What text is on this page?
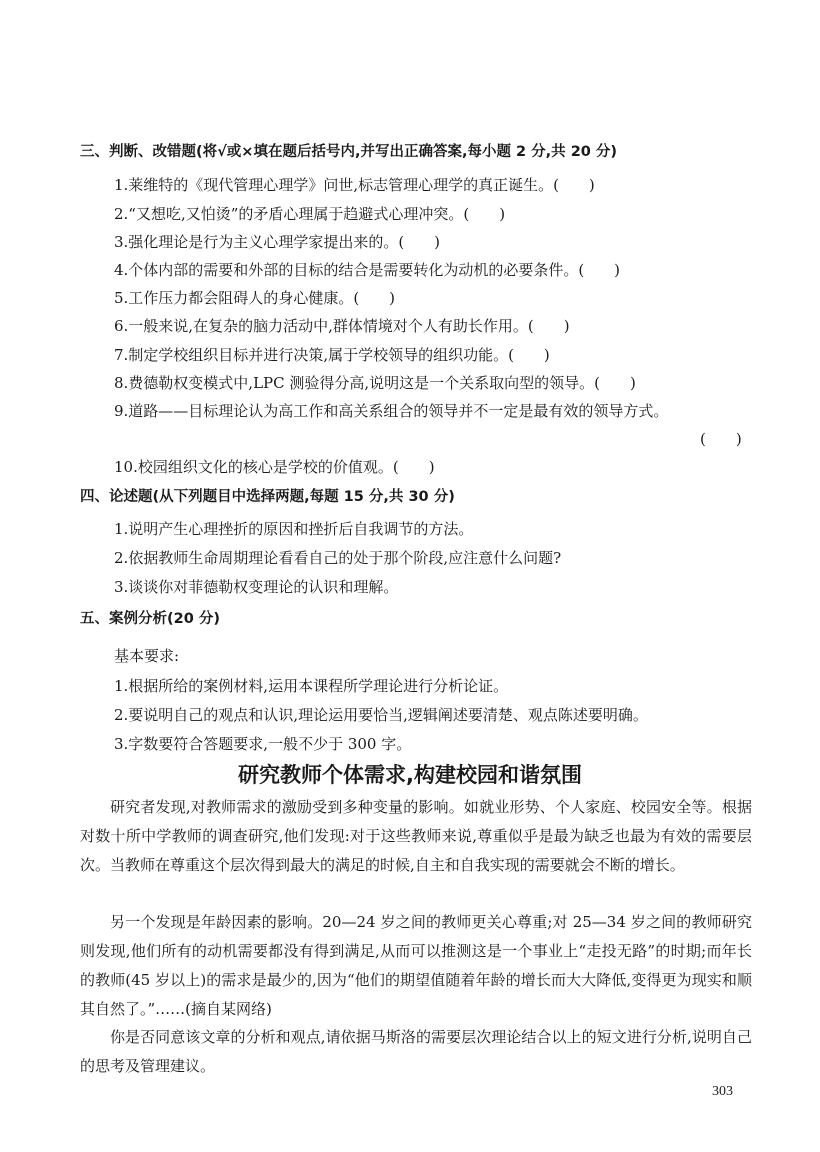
三、判断、改错题(将√或×填在题后括号内,并写出正确答案,每小题 2 分,共 20 分)
1.莱维特的《现代管理心理学》问世,标志管理心理学的真正诞生。(　　)
2.“又想吃,又怕烫”的矛盾心理属于趋避式心理冲突。(　　)
3.强化理论是行为主义心理学家提出来的。(　　)
4.个体内部的需要和外部的目标的结合是需要转化为动机的必要条件。(　　)
5.工作压力都会阻碍人的身心健康。(　　)
6.一般来说,在复杂的脑力活动中,群体情境对个人有助长作用。(　　)
7.制定学校组织目标并进行决策,属于学校领导的组织功能。(　　)
8.费德勒权变模式中,LPC 测验得分高,说明这是一个关系取向型的领导。(　　)
9.道路——目标理论认为高工作和高关系组合的领导并不一定是最有效的领导方式。
(　　)
10.校园组织文化的核心是学校的价值观。(　　)
四、论述题(从下列题目中选择两题,每题 15 分,共 30 分)
1.说明产生心理挫折的原因和挫折后自我调节的方法。
2.依据教师生命周期理论看看自己的处于那个阶段,应注意什么问题?
3.谈谈你对菲德勒权变理论的认识和理解。
五、案例分析(20 分)
基本要求:
1.根据所给的案例材料,运用本课程所学理论进行分析论证。
2.要说明自己的观点和认识,理论运用要恰当,逻辑阐述要清楚、观点陈述要明确。
3.字数要符合答题要求,一般不少于 300 字。
研究教师个体需求,构建校园和谐氛围
研究者发现,对教师需求的激励受到多种变量的影响。如就业形势、个人家庭、校园安全等。根据对数十所中学教师的调查研究,他们发现:对于这些教师来说,尊重似乎是最为缺乏也最为有效的需要层次。当教师在尊重这个层次得到最大的满足的时候,自主和自我实现的需要就会不断的增长。
另一个发现是年龄因素的影响。20—24 岁之间的教师更关心尊重;对 25—34 岁之间的教师研究则发现,他们所有的动机需要都没有得到满足,从而可以推测这是一个事业上“走投无路”的时期;而年长的教师(45 岁以上)的需求是最少的,因为“他们的期望值随着年龄的增长而大大降低,变得更为现实和顺其自然了。”……(摘自某网络)
你是否同意该文章的分析和观点,请依据马斯洛的需要层次理论结合以上的短文进行分析,说明自己的思考及管理建议。
303
